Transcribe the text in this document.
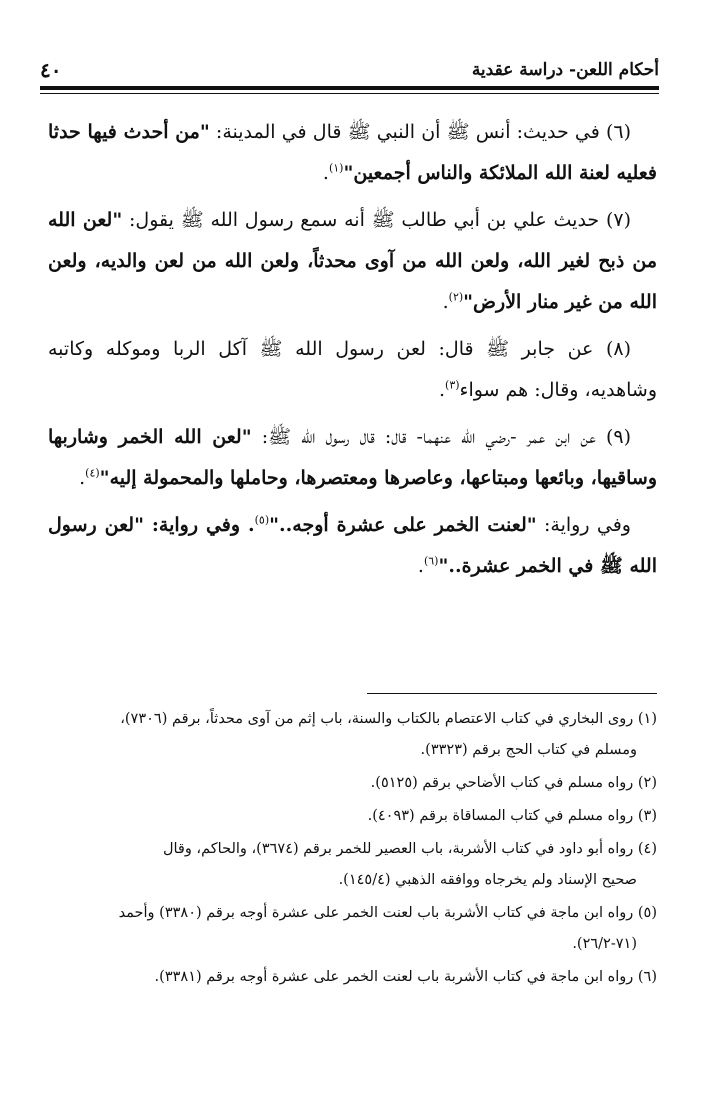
أحكام اللعن- دراسة عقدية
٤٠

(٦) في حديث: أنس ﷺ أن النبي ﷺ قال في المدينة: "من أحدث فيها حدثا فعليه لعنة الله الملائكة والناس أجمعين"$^{(١)}$.

(٧) حديث علي بن أبي طالب ﷺ أنه سمع رسول الله ﷺ يقول: "لعن الله من ذبح لغير الله، ولعن الله من آوى محدثاً، ولعن الله من لعن والديه، ولعن الله من غير منار الأرض"$^{(٢)}$.

(٨) عن جابر ﷺ قال: لعن رسول الله ﷺ آكل الربا وموكله وكاتبه وشاهديه، وقال: هم سواء$^{(٣)}$.

(٩) عن ابن عمر -رضي الله عنهما- قال: قال رسول الله ﷺ: "لعن الله الخمر وشاربها وساقيها، وبائعها ومبتاعها، وعاصرها ومعتصرها، وحاملها والمحمولة إليه"$^{(٤)}$.

وفي رواية: "لعنت الخمر على عشرة أوجه.."$^{(٥)}$. وفي رواية: "لعن رسول الله ﷺ في الخمر عشرة.."$^{(٦)}$.

(١) روى البخاري في كتاب الاعتصام بالكتاب والسنة، باب إثم من آوى محدثاً، برقم (٧٣٠٦)،
ومسلم في كتاب الحج برقم (٣٣٢٣).
(٢) رواه مسلم في كتاب الأضاحي برقم (٥١٢٥).
(٣) رواه مسلم في كتاب المساقاة برقم (٤٠٩٣).
(٤) رواه أبو داود في كتاب الأشربة، باب العصير للخمر برقم (٣٦٧٤)، والحاكم، وقال
صحيح الإسناد ولم يخرجاه ووافقه الذهبي (١٤٥/٤).
(٥) رواه ابن ماجة في كتاب الأشربة باب لعنت الخمر على عشرة أوجه برقم (٣٣٨٠) وأحمد
(٧١-٢٦/٢).
(٦) رواه ابن ماجة في كتاب الأشربة باب لعنت الخمر على عشرة أوجه برقم (٣٣٨١).
